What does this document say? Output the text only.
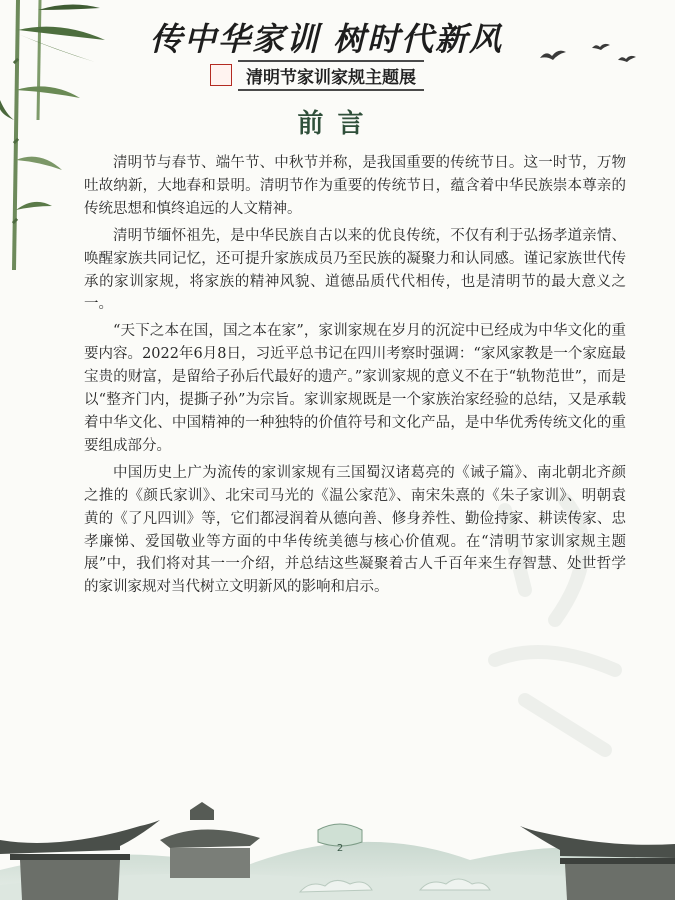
传中华家训 树时代新风
清明节家训家规主题展
前言

清明节与春节、端午节、中秋节并称，是我国重要的传统节日。这一时节，万物吐故纳新，大地春和景明。清明节作为重要的传统节日，蕴含着中华民族崇本尊亲的传统思想和慎终追远的人文精神。

清明节缅怀祖先，是中华民族自古以来的优良传统，不仅有利于弘扬孝道亲情、唤醒家族共同记忆，还可提升家族成员乃至民族的凝聚力和认同感。谨记家族世代传承的家训家规，将家族的精神风貌、道德品质代代相传，也是清明节的最大意义之一。

“天下之本在国，国之本在家”，家训家规在岁月的沉淀中已经成为中华文化的重要内容。2022年6月8日，习近平总书记在四川考察时强调：“家风家教是一个家庭最宝贵的财富，是留给子孙后代最好的遗产。”家训家规的意义不在于“轨物范世”，而是以“整齐门内，提撕子孙”为宗旨。家训家规既是一个家族治家经验的总结，又是承载着中华文化、中国精神的一种独特的价值符号和文化产品，是中华优秀传统文化的重要组成部分。

中国历史上广为流传的家训家规有三国蜀汉诸葛亮的《诫子篇》、南北朝北齐颜之推的《颜氏家训》、北宋司马光的《温公家范》、南宋朱熹的《朱子家训》、明朝袁黄的《了凡四训》等，它们都浸润着从德向善、修身养性、勤俭持家、耕读传家、忠孝廉悌、爱国敬业等方面的中华传统美德与核心价值观。在“清明节家训家规主题展”中，我们将对其一一介绍，并总结这些凝聚着古人千百年来生存智慧、处世哲学的家训家规对当代树立文明新风的影响和启示。

2
